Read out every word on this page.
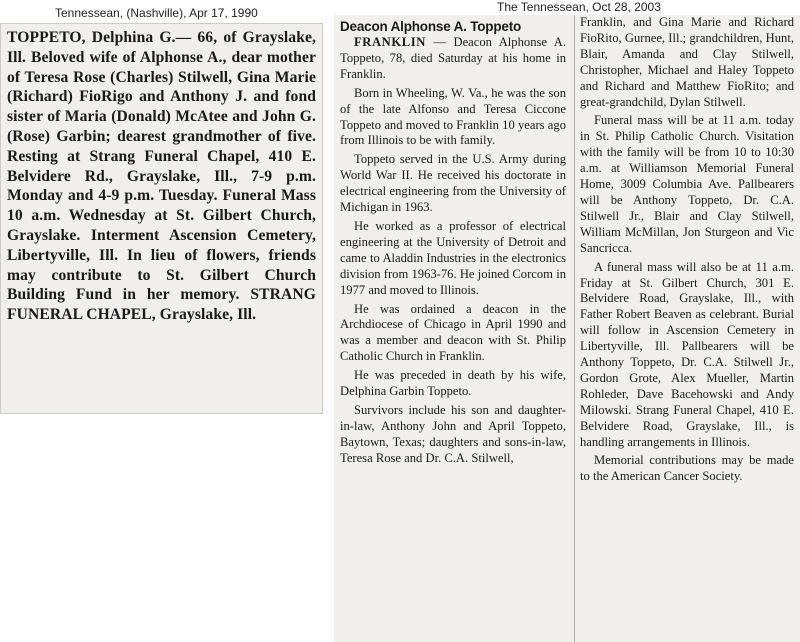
Tennessean, (Nashville), Apr 17, 1990	The Tennessean, Oct 28, 2003

TOPPETO, Delphina G.— 66, of Grayslake, Ill. Beloved wife of Alphonse A., dear mother of Teresa Rose (Charles) Stilwell, Gina Marie (Richard) FioRigo and Anthony J. and fond sister of Maria (Donald) McAtee and John G. (Rose) Garbin; dearest grandmother of five. Resting at Strang Funeral Chapel, 410 E. Belvidere Rd., Grayslake, Ill., 7-9 p.m. Monday and 4-9 p.m. Tuesday. Funeral Mass 10 a.m. Wednesday at St. Gilbert Church, Grayslake. Interment Ascension Cemetery, Libertyville, Ill. In lieu of flowers, friends may contribute to St. Gilbert Church Building Fund in her memory. STRANG FUNERAL CHAPEL, Grayslake, Ill.

Deacon Alphonse A. Toppeto

FRANKLIN — Deacon Alphonse A. Toppeto, 78, died Saturday at his home in Franklin.

Born in Wheeling, W. Va., he was the son of the late Alfonso and Teresa Ciccone Toppeto and moved to Franklin 10 years ago from Illinois to be with family.

Toppeto served in the U.S. Army during World War II. He received his doctorate in electrical engineering from the University of Michigan in 1963.

He worked as a professor of electrical engineering at the University of Detroit and came to Aladdin Industries in the electronics division from 1963-76. He joined Corcom in 1977 and moved to Illinois.

He was ordained a deacon in the Archdiocese of Chicago in April 1990 and was a member and deacon with St. Philip Catholic Church in Franklin.

He was preceded in death by his wife, Delphina Garbin Toppeto.

Survivors include his son and daughter-in-law, Anthony John and April Toppeto, Baytown, Texas; daughters and sons-in-law, Teresa Rose and Dr. C.A. Stilwell,

Franklin, and Gina Marie and Richard FioRito, Gurnee, Ill.; grandchildren, Hunt, Blair, Amanda and Clay Stilwell, Christopher, Michael and Haley Toppeto and Richard and Matthew FioRito; and great-grandchild, Dylan Stilwell.

Funeral mass will be at 11 a.m. today in St. Philip Catholic Church. Visitation with the family will be from 10 to 10:30 a.m. at Williamson Memorial Funeral Home, 3009 Columbia Ave. Pallbearers will be Anthony Toppeto, Dr. C.A. Stilwell Jr., Blair and Clay Stilwell, William McMillan, Jon Sturgeon and Vic Sancricca.

A funeral mass will also be at 11 a.m. Friday at St. Gilbert Church, 301 E. Belvidere Road, Grayslake, Ill., with Father Robert Beaven as celebrant. Burial will follow in Ascension Cemetery in Libertyville, Ill. Pallbearers will be Anthony Toppeto, Dr. C.A. Stilwell Jr., Gordon Grote, Alex Mueller, Martin Rohleder, Dave Bacehowski and Andy Milowski. Strang Funeral Chapel, 410 E. Belvidere Road, Grayslake, Ill., is handling arrangements in Illinois.

Memorial contributions may be made to the American Cancer Society.
